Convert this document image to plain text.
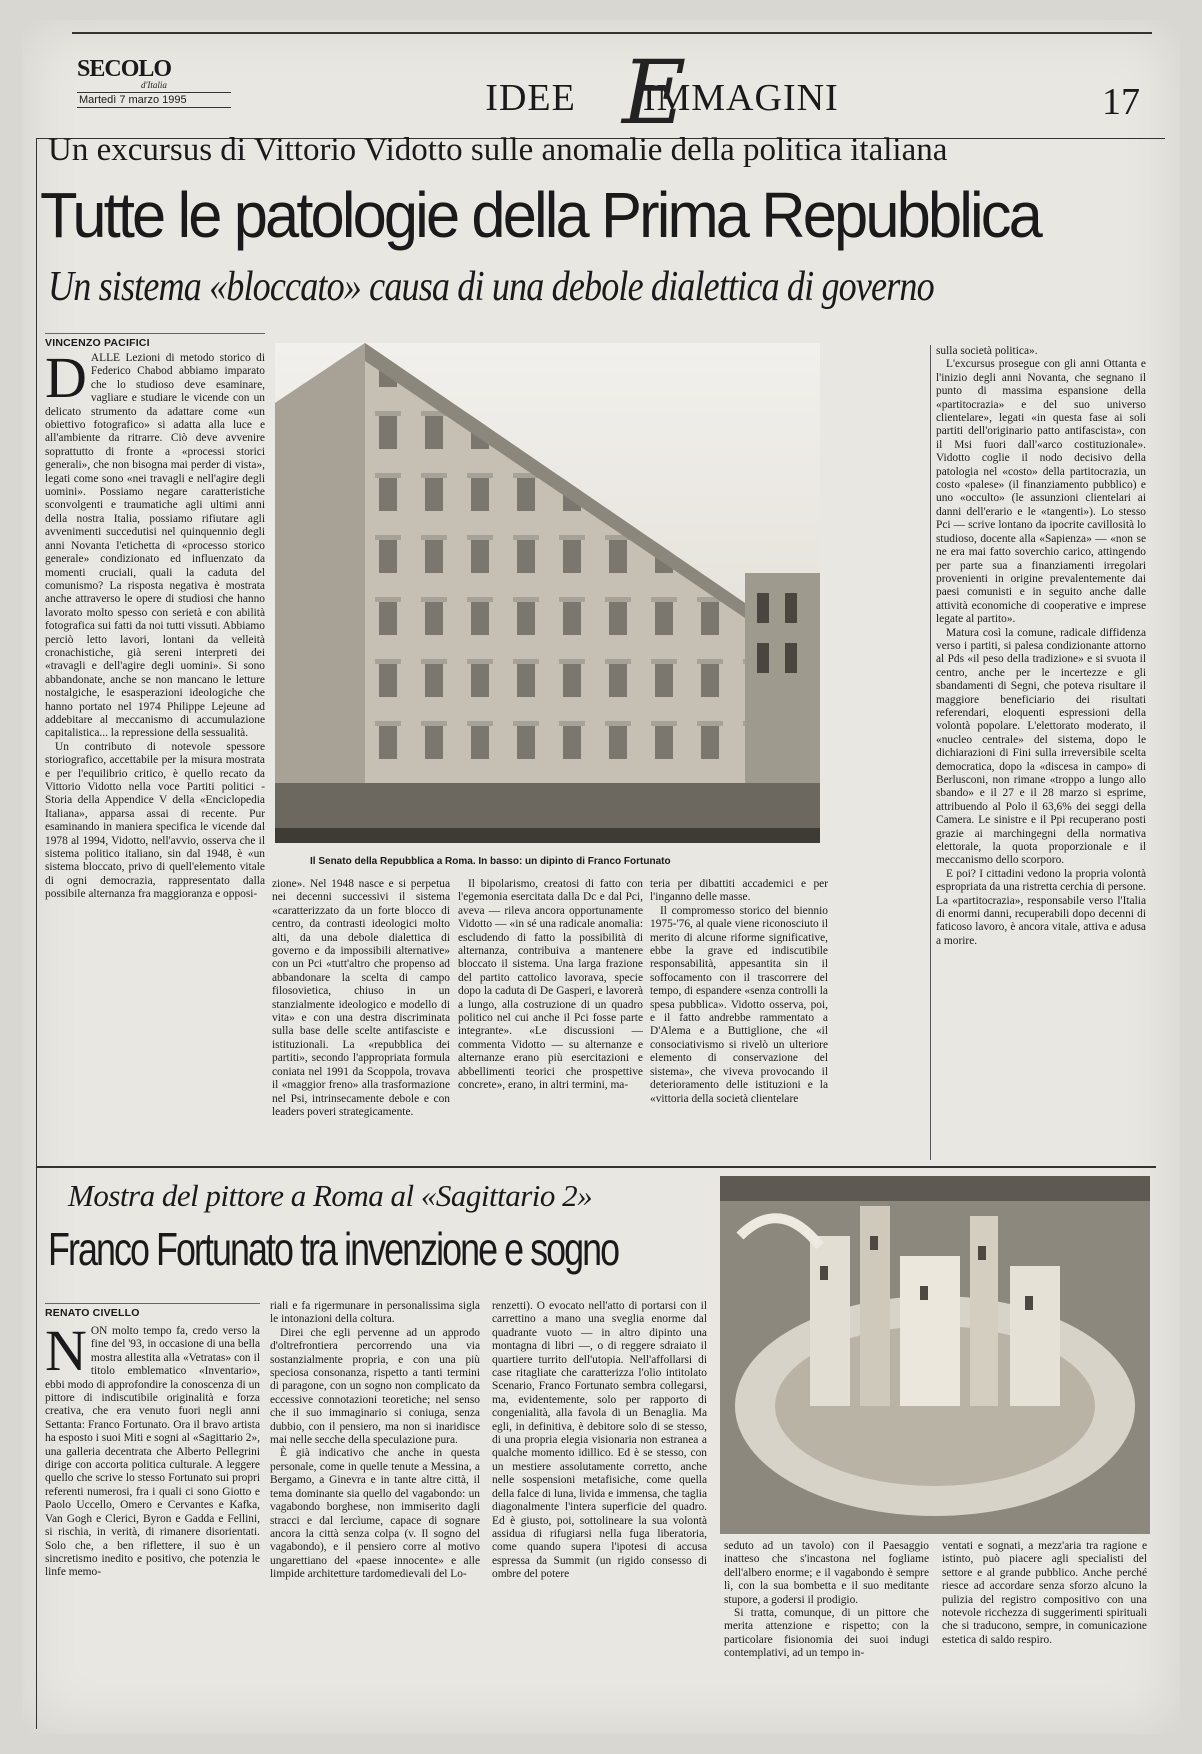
SECOLO
d'Italia
Martedì 7 marzo 1995	IDEE IMMAGINI
E	17
Un excursus di Vittorio Vidotto sulle anomalie della politica italiana
Tutte le patologie della Prima Repubblica
Un sistema «bloccato» causa di una debole dialettica di governo
VINCENZO PACIFICI
D ALLE Lezioni di metodo storico di Federico Chabod abbiamo imparato che lo studioso deve esaminare, vagliare e studiare le vicende con un delicato strumento da adattare come «un obiettivo fotografico» si adatta alla luce e all'ambiente da ritrarre. Ciò deve avvenire soprattutto di fronte a «processi storici generali», che non bisogna mai perder di vista», legati come sono «nei travagli e nell'agire degli uomini». Possiamo negare caratteristiche sconvolgenti e traumatiche agli ultimi anni della nostra Italia, possiamo rifiutare agli avvenimenti succedutisi nel quinquennio degli anni Novanta l'etichetta di «processo storico generale» condizionato ed influenzato da momenti cruciali, quali la caduta del comunismo? La risposta negativa è mostrata anche attraverso le opere di studiosi che hanno lavorato molto spesso con serietà e con abilità fotografica sui fatti da noi tutti vissuti. Abbiamo perciò letto lavori, lontani da velleità cronachistiche, già sereni interpreti dei «travagli e dell'agire degli uomini». Si sono abbandonate, anche se non mancano le letture nostalgiche, le esasperazioni ideologiche che hanno portato nel 1974 Philippe Lejeune ad addebitare al meccanismo di accumulazione capitalistica... la repressione della sessualità.

Un contributo di notevole spessore storiografico, accettabile per la misura mostrata e per l'equilibrio critico, è quello recato da Vittorio Vidotto nella voce Partiti politici - Storia della Appendice V della «Enciclopedia Italiana», apparsa assai di recente. Pur esaminando in maniera specifica le vicende dal 1978 al 1994, Vidotto, nell'avvio, osserva che il sistema politico italiano, sin dal 1948, è «un sistema bloccato, privo di quell'elemento vitale di ogni democrazia, rappresentato dalla possibile alternanza fra maggioranza e opposi-

Il Senato della Repubblica a Roma. In basso: un dipinto di Franco Fortunato

zione». Nel 1948 nasce e si perpetua nei decenni successivi il sistema «caratterizzato da un forte blocco di centro, da contrasti ideologici molto alti, da una debole dialettica di governo e da impossibili alternative» con un Pci «tutt'altro che propenso ad abbandonare la scelta di campo filosovietica, chiuso in un stanzialmente ideologico e modello di vita» e con una destra discriminata sulla base delle scelte antifasciste e istituzionali. La «repubblica dei partiti», secondo l'appropriata formula coniata nel 1991 da Scoppola, trovava il «maggior freno» alla trasformazione nel Psi, intrinsecamente debole e con leaders poveri strategicamente.

Il bipolarismo, creatosi di fatto con l'egemonia esercitata dalla Dc e dal Pci, aveva — rileva ancora opportunamente Vidotto — «in sé una radicale anomalia: escludendo di fatto la possibilità di alternanza, contribuiva a mantenere bloccato il sistema. Una larga frazione del partito cattolico lavorava, specie dopo la caduta di De Gasperi, e lavorerà a lungo, alla costruzione di un quadro politico nel cui anche il Pci fosse parte integrante». «Le discussioni — commenta Vidotto — su alternanze e alternanze erano più esercitazioni e abbellimenti teorici che prospettive concrete», erano, in altri termini, ma-

teria per dibattiti accademici e per l'inganno delle masse.

Il compromesso storico del biennio 1975-'76, al quale viene riconosciuto il merito di alcune riforme significative, ebbe la grave ed indiscutibile responsabilità, appesantita sin il soffocamento con il trascorrere del tempo, di espandere «senza controlli la spesa pubblica». Vidotto osserva, poi, e il fatto andrebbe rammentato a D'Alema e a Buttiglione, che «il consociativismo si rivelò un ulteriore elemento di conservazione del sistema», che viveva provocando il deterioramento delle istituzioni e la «vittoria della società clientelare

sulla società politica».

L'excursus prosegue con gli anni Ottanta e l'inizio degli anni Novanta, che segnano il punto di massima espansione della «partitocrazia» e del suo universo clientelare», legati «in questa fase ai soli partiti dell'originario patto antifascista», con il Msi fuori dall'«arco costituzionale». Vidotto coglie il nodo decisivo della patologia nel «costo» della partitocrazia, un costo «palese» (il finanziamento pubblico) e uno «occulto» (le assunzioni clientelari ai danni dell'erario e le «tangenti»). Lo stesso Pci — scrive lontano da ipocrite cavillosità lo studioso, docente alla «Sapienza» — «non se ne era mai fatto soverchio carico, attingendo per parte sua a finanziamenti irregolari provenienti in origine prevalentemente dai paesi comunisti e in seguito anche dalle attività economiche di cooperative e imprese legate al partito».

Matura così la comune, radicale diffidenza verso i partiti, si palesa condizionante attorno al Pds «il peso della tradizione» e si svuota il centro, anche per le incertezze e gli sbandamenti di Segni, che poteva risultare il maggiore beneficiario dei risultati referendari, eloquenti espressioni della volontà popolare. L'elettorato moderato, il «nucleo centrale» del sistema, dopo le dichiarazioni di Fini sulla irreversibile scelta democratica, dopo la «discesa in campo» di Berlusconi, non rimane «troppo a lungo allo sbando» e il 27 e il 28 marzo si esprime, attribuendo al Polo il 63,6% dei seggi della Camera. Le sinistre e il Ppi recuperano posti grazie ai marchingegni della normativa elettorale, la quota proporzionale e il meccanismo dello scorporo.

E poi? I cittadini vedono la propria volontà espropriata da una ristretta cerchia di persone. La «partitocrazia», responsabile verso l'Italia di enormi danni, recuperabili dopo decenni di faticoso lavoro, è ancora vitale, attiva e adusa a morire.

Mostra del pittore a Roma al «Sagittario 2»
Franco Fortunato tra invenzione e sogno
RENATO CIVELLO
N ON molto tempo fa, credo verso la fine del '93, in occasione di una bella mostra allestita alla «Vetratas» con il titolo emblematico «Inventario», ebbi modo di approfondire la conoscenza di un pittore di indiscutibile originalità e forza creativa, che era venuto fuori negli anni Settanta: Franco Fortunato. Ora il bravo artista ha esposto i suoi Miti e sogni al «Sagittario 2», una galleria decentrata che Alberto Pellegrini dirige con accorta politica culturale. A leggere quello che scrive lo stesso Fortunato sui propri referenti numerosi, fra i quali ci sono Giotto e Paolo Uccello, Omero e Cervantes e Kafka, Van Gogh e Clerici, Byron e Gadda e Fellini, si rischia, in verità, di rimanere disorientati. Solo che, a ben riflettere, il suo è un sincretismo inedito e positivo, che potenzia le linfe memo-

riali e fa rigermunare in personalissima sigla le intonazioni della coltura.

Direi che egli pervenne ad un approdo d'oltrefrontiera percorrendo una via sostanzialmente propria, e con una più speciosa consonanza, rispetto a tanti termini di paragone, con un sogno non complicato da eccessive connotazioni teoretiche; nel senso che il suo immaginario si coniuga, senza dubbio, con il pensiero, ma non si inaridisce mai nelle secche della speculazione pura.

È già indicativo che anche in questa personale, come in quelle tenute a Messina, a Bergamo, a Ginevra e in tante altre città, il tema dominante sia quello del vagabondo: un vagabondo borghese, non immiserito dagli stracci e dal lercìume, capace di sognare ancora la città senza colpa (v. Il sogno del vagabondo), e il pensiero corre al motivo ungarettiano del «paese innocente» e alle limpide architetture tardomedievali del Lo-

renzetti). O evocato nell'atto di portarsi con il carrettino a mano una sveglia enorme dal quadrante vuoto — in altro dipinto una montagna di libri —, o di reggere sdraiato il quartiere turrito dell'utopia. Nell'affollarsi di case ritagliate che caratterizza l'olio intitolato Scenario, Franco Fortunato sembra collegarsi, ma, evidentemente, solo per rapporto di congenialità, alla favola di un Benaglia. Ma egli, in definitiva, è debitore solo di se stesso, di una propria elegia visionaria non estranea a qualche momento idillico. Ed è se stesso, con un mestiere assolutamente corretto, anche nelle sospensioni metafisiche, come quella della falce di luna, livida e immensa, che taglia diagonalmente l'intera superficie del quadro. Ed è giusto, poi, sottolineare la sua volontà assidua di rifugiarsi nella fuga liberatoria, come quando supera l'ipotesi di accusa espressa da Summit (un rigido consesso di ombre del potere

seduto ad un tavolo) con il Paesaggio inatteso che s'incastona nel fogliame dell'albero enorme; e il vagabondo è sempre lì, con la sua bombetta e il suo meditante stupore, a godersi il prodigio.

Si tratta, comunque, di un pittore che merita attenzione e rispetto; con la particolare fisionomia dei suoi indugi contemplativi, ad un tempo in-

ventati e sognati, a mezz'aria tra ragione e istinto, può piacere agli specialisti del settore e al grande pubblico. Anche perché riesce ad accordare senza sforzo alcuno la pulizia del registro compositivo con una notevole ricchezza di suggerimenti spirituali che si traducono, sempre, in comunicazione estetica di saldo respiro.
